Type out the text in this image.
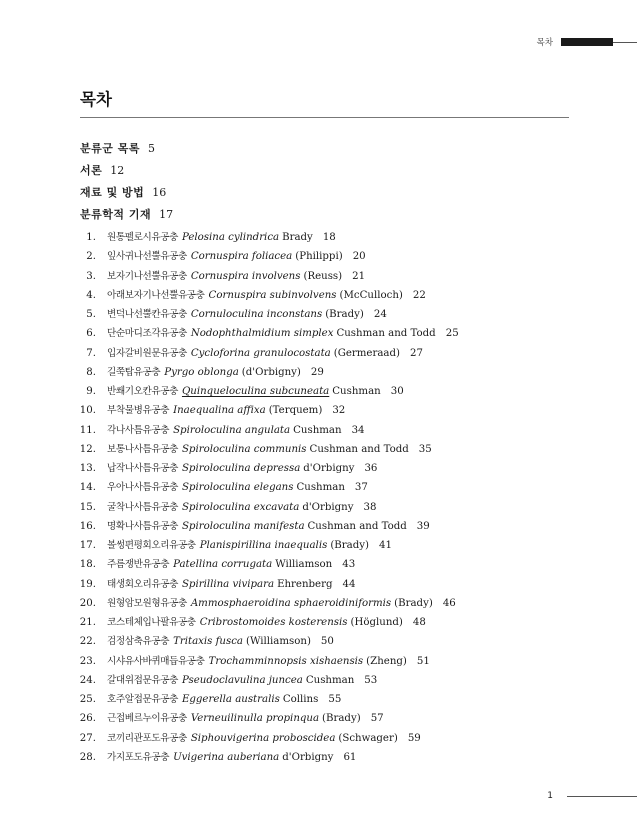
목차
목차
분류군 목록 5
서론 12
재료 및 방법 16
분류학적 기재 17
1. 원통펠로시유공충 Pelosina cylindrica Brady 18
2. 잎사귀나선뿔유공충 Cornuspira foliacea (Philippi) 20
3. 보자기나선뿔유공충 Cornuspira involvens (Reuss) 21
4. 아래보자기나선뿔유공충 Cornuspira subinvolvens (McCulloch) 22
5. 변덕나선뿔칸유공충 Cornuloculina inconstans (Brady) 24
6. 단순마디조각유공충 Nodophthalmidium simplex Cushman and Todd 25
7. 입자갈비원문유공충 Cycloforina granulocostata (Germeraad) 27
8. 길쭉탑유공충 Pyrgo oblonga (d'Orbigny) 29
9. 반쐐기오칸유공충 Quinqueloculina subcuneata Cushman 30
10. 부착물병유공충 Inaequalina affixa (Terquem) 32
11. 각나사틈유공충 Spiroloculina angulata Cushman 34
12. 보통나사틈유공충 Spiroloculina communis Cushman and Todd 35
13. 납작나사틈유공충 Spiroloculina depressa d'Orbigny 36
14. 우아나사틈유공충 Spiroloculina elegans Cushman 37
15. 굴착나사틈유공충 Spiroloculina excavata d'Orbigny 38
16. 명확나사틈유공충 Spiroloculina manifesta Cushman and Todd 39
17. 볼썽편평회오리유공충 Planispirillina inaequalis (Brady) 41
18. 주름쟁반유공충 Patellina corrugata Williamson 43
19. 태생회오리유공충 Spirillina vivipara Ehrenberg 44
20. 원형암모원형유공충 Ammosphaeroidina sphaeroidiniformis (Brady) 46
21. 코스테체입나팔유공충 Cribrostomoides kosterensis (Höglund) 48
22. 검정삼축유공충 Tritaxis fusca (Williamson) 50
23. 시샤유사바퀴매듭유공충 Trochamminnopsis xishaensis (Zheng) 51
24. 갈대위접문유공충 Pseudoclavulina juncea Cushman 53
25. 호주알접문유공충 Eggerella australis Collins 55
26. 근접베르누이유공충 Verneuilinulla propinqua (Brady) 57
27. 코끼리관포도유공충 Siphouvigerina proboscidea (Schwager) 59
28. 가지포도유공충 Uvigerina auberiana d'Orbigny 61
1
